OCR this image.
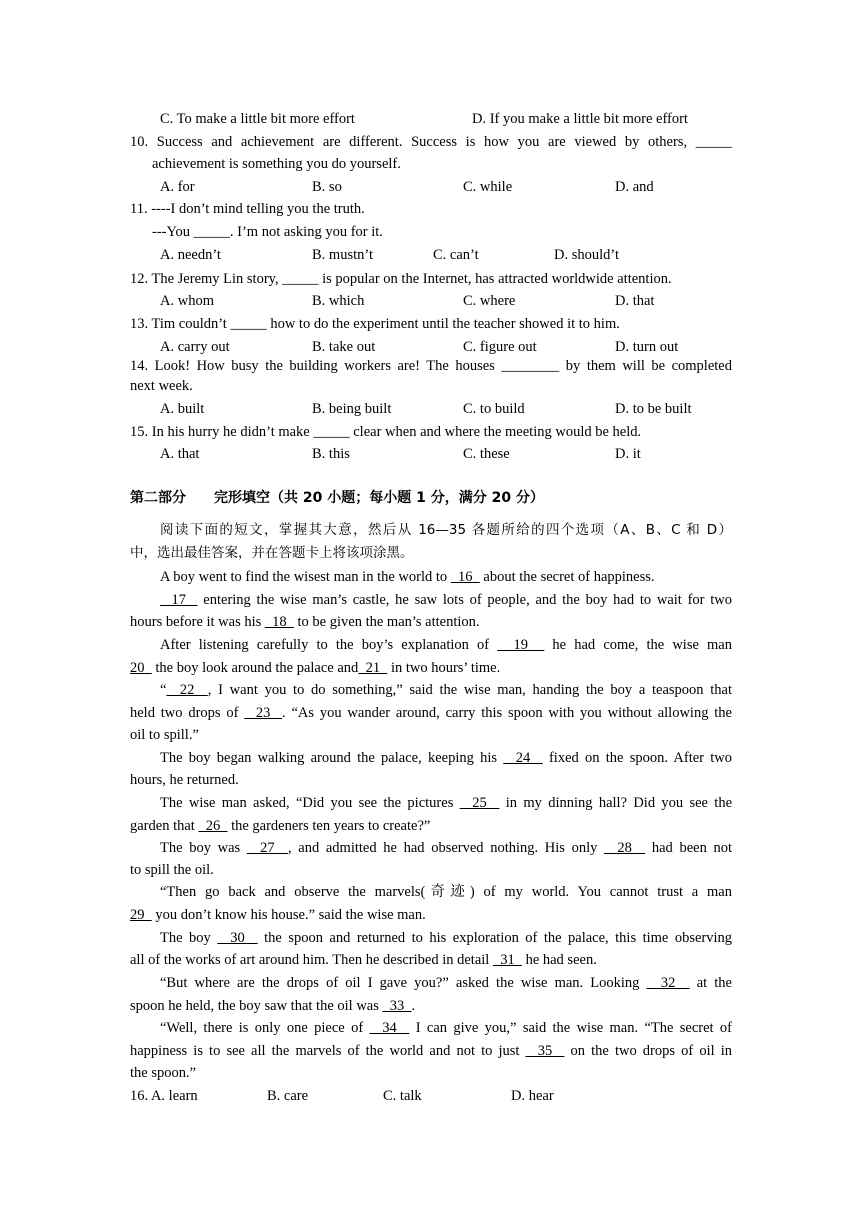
C. To make a little bit more effort	D. If you make a little bit more effort
10. Success and achievement are different. Success is how you are viewed by others, _____
achievement is something you do yourself.
A. for	B. so	C. while	D. and
11. ----I don’t mind telling you the truth.
---You _____. I’m not asking you for it.
A. needn’t	B. mustn’t	C. can’t	D. should’t
12. The Jeremy Lin story, _____ is popular on the Internet, has attracted worldwide attention.
A. whom	B. which	C. where	D. that
13. Tim couldn’t _____ how to do the experiment until the teacher showed it to him.
A. carry out	B. take out	C. figure out	D. turn out
14. Look! How busy the building workers are! The houses ________ by them will be completed
next week.
A. built	B. being built	C. to build	D. to be built
15. In his hurry he didn’t make _____ clear when and where the meeting would be held.
A. that	B. this	C. these	D. it
第二部分　　完形填空（共 20 小题；每小题 1 分，满分 20 分）
阅读下面的短文，掌握其大意，然后从 16—35 各题所给的四个选项（A、B、C 和 D）
中，选出最佳答案，并在答题卡上将该项涂黑。
A boy went to find the wisest man in the world to   16   about the secret of happiness.
17   entering the wise man’s castle, he saw lots of people, and the boy had to wait for two
hours before it was his   18   to be given the man’s attention.
After listening carefully to the boy’s explanation of   19   he had come, the wise man
20   the boy look around the palace and  21   in two hours’ time.
“  22  , I want you to do something,” said the wise man, handing the boy a teaspoon that
held two drops of   23  . “As you wander around, carry this spoon with you without allowing the
oil to spill.”
The boy began walking around the palace, keeping his   24   fixed on the spoon. After two
hours, he returned.
The wise man asked, “Did you see the pictures   25   in my dinning hall? Did you see the
garden that   26   the gardeners ten years to create?”
The boy was   27  , and admitted he had observed nothing. His only   28   had been not
to spill the oil.
“Then go back and observe the marvels(奇迹) of my world. You cannot trust a man
29   you don’t know his house.” said the wise man.
The boy   30   the spoon and returned to his exploration of the palace, this time observing
all of the works of art around him. Then he described in detail   31   he had seen.
“But where are the drops of oil I gave you?” asked the wise man. Looking   32   at the
spoon he held, the boy saw that the oil was   33  .
“Well, there is only one piece of   34   I can give you,” said the wise man. “The secret of
happiness is to see all the marvels of the world and not to just   35   on the two drops of oil in
the spoon.”
16. A. learn	B. care	C. talk	D. hear
